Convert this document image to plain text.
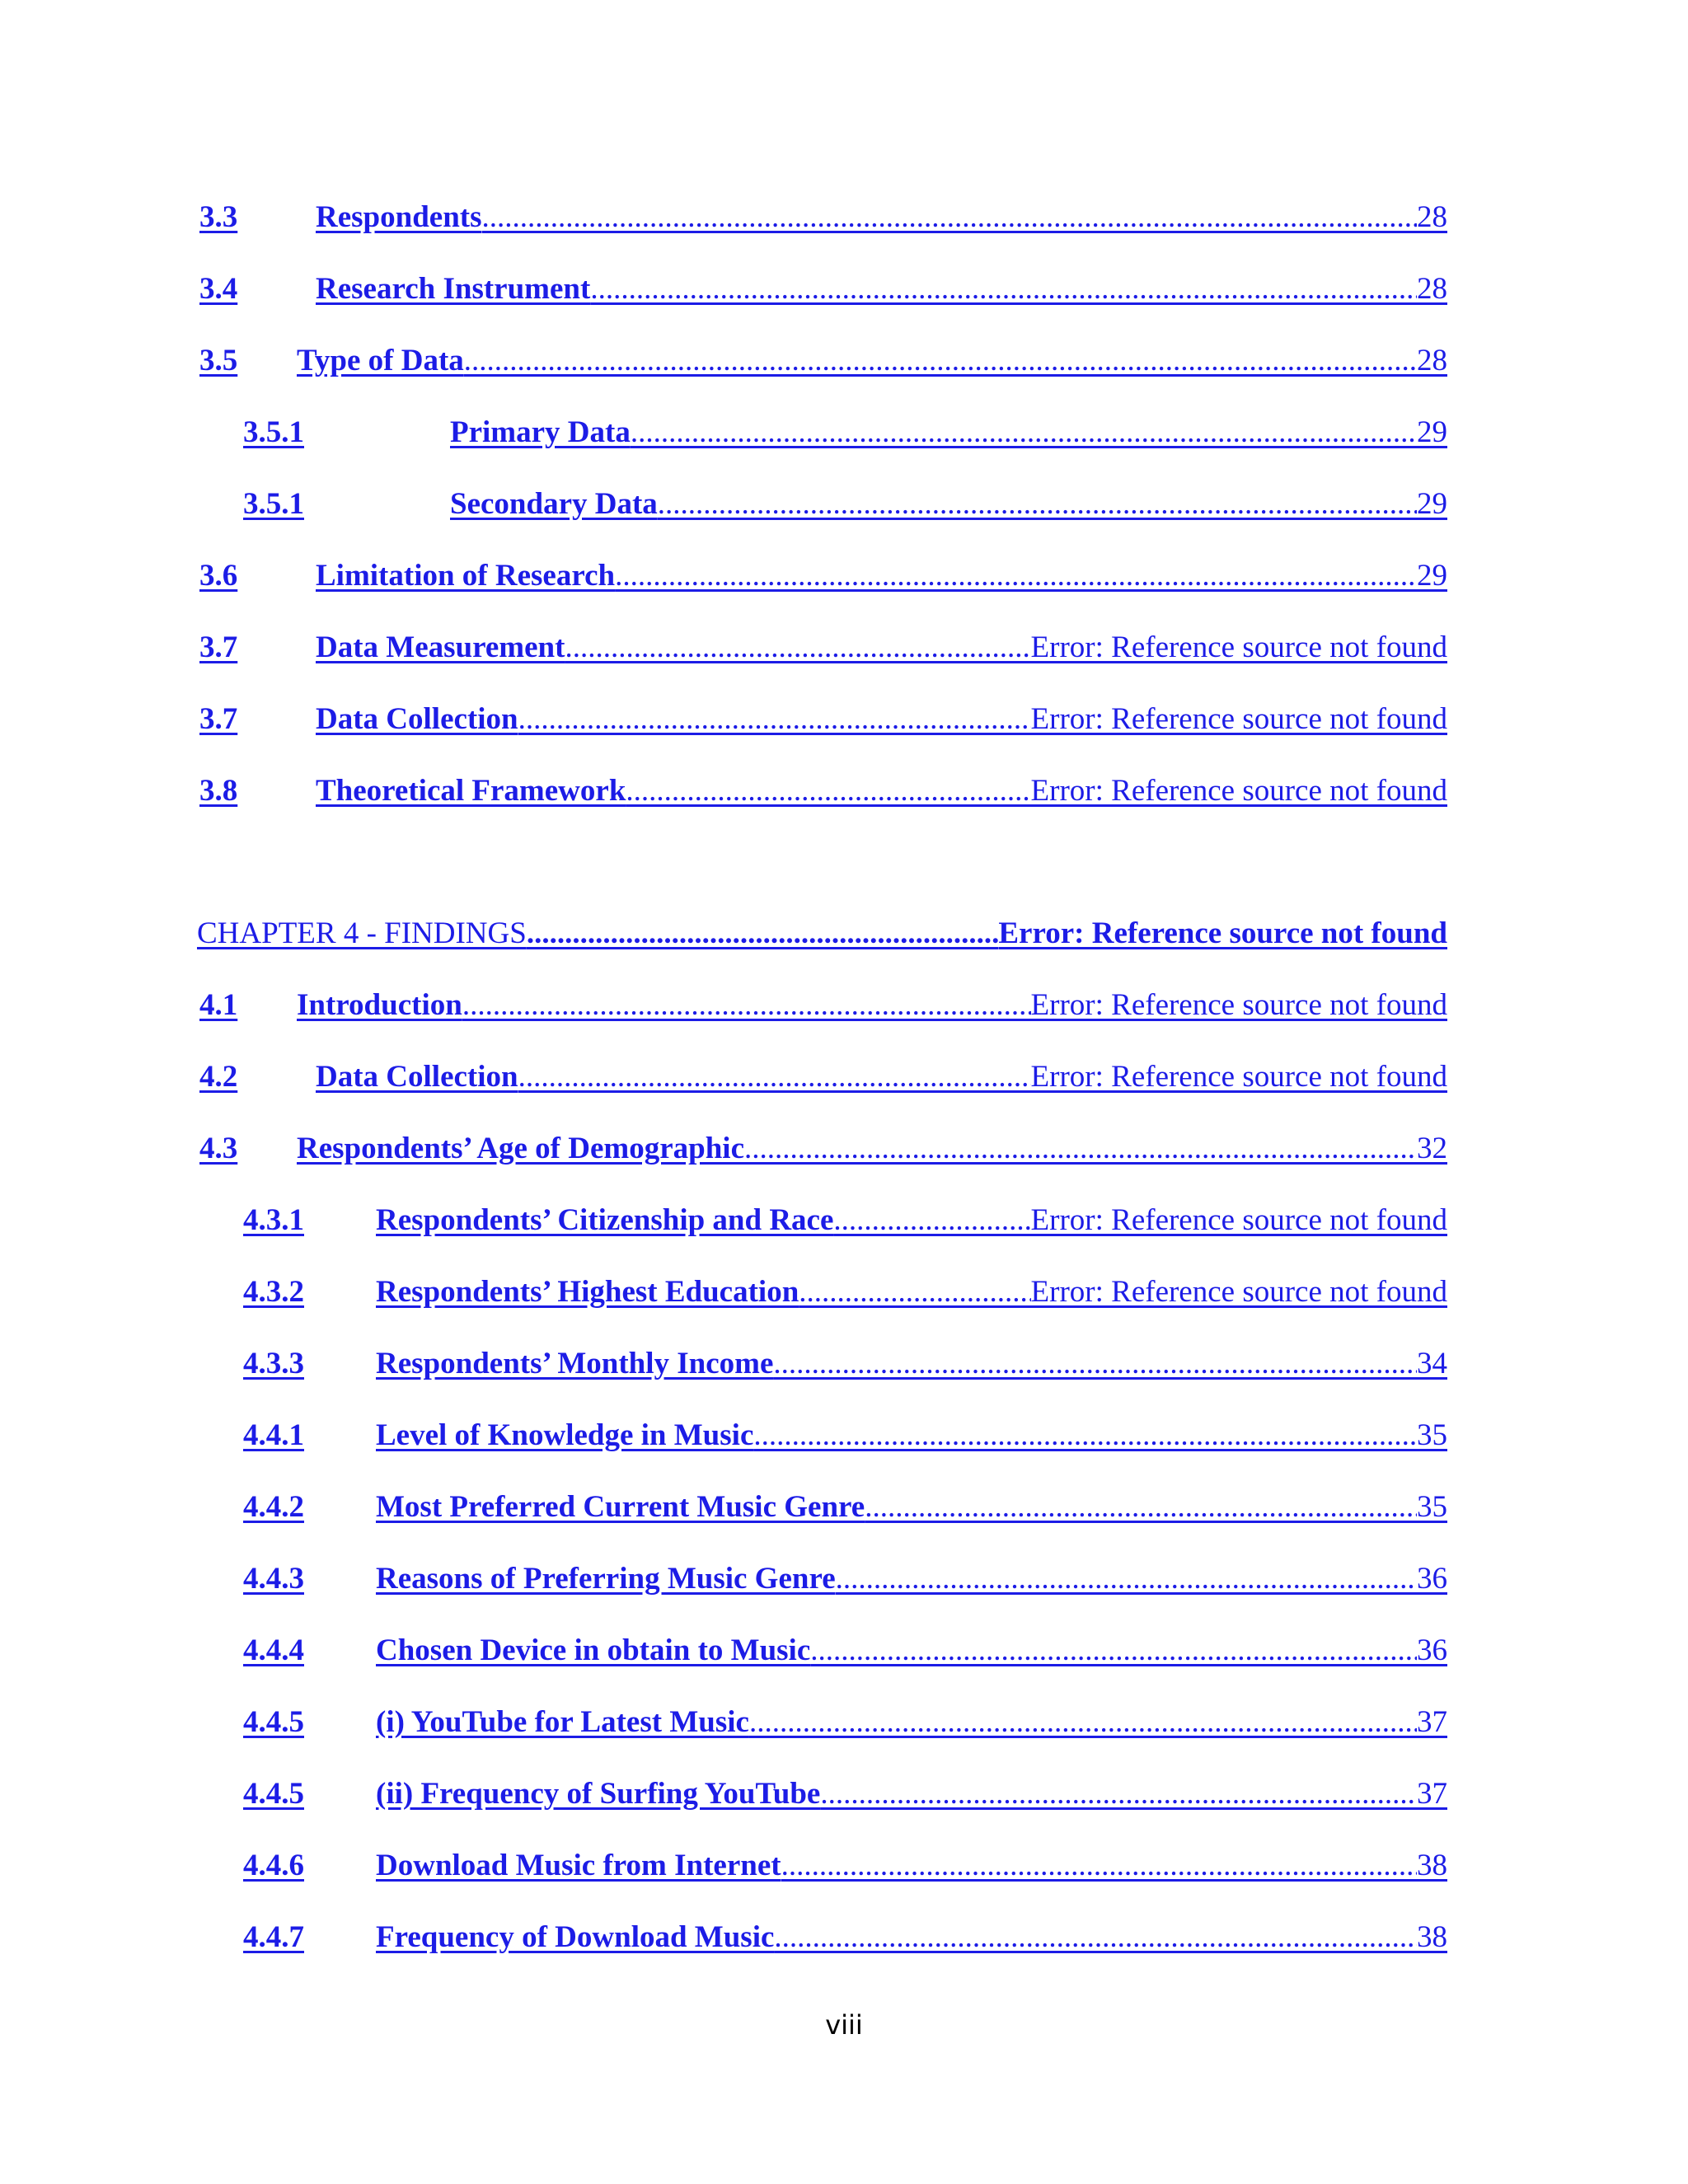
3.3	Respondents .....	28
3.4	Research Instrument .....	28
3.5	Type of Data .....	28
3.5.1	Primary Data .....	29
3.5.1	Secondary Data .....	29
3.6	Limitation of Research .....	29
3.7	Data Measurement .....	Error: Reference source not found
3.7	Data Collection .....	Error: Reference source not found
3.8	Theoretical Framework .....	Error: Reference source not found
CHAPTER 4 - FINDINGS .....	Error: Reference source not found
4.1	Introduction .....	Error: Reference source not found
4.2	Data Collection .....	Error: Reference source not found
4.3	Respondents’ Age of Demographic .....	32
4.3.1	Respondents’ Citizenship and Race .....	Error: Reference source not found
4.3.2	Respondents’ Highest Education .....	Error: Reference source not found
4.3.3	Respondents’ Monthly Income .....	34
4.4.1	Level of Knowledge in Music .....	35
4.4.2	Most Preferred Current Music Genre .....	35
4.4.3	Reasons of Preferring Music Genre .....	36
4.4.4	Chosen Device in obtain to Music .....	36
4.4.5	(i) YouTube for Latest Music .....	37
4.4.5	(ii) Frequency of Surfing YouTube .....	37
4.4.6	Download Music from Internet .....	38
4.4.7	Frequency of Download Music .....	38
viii
